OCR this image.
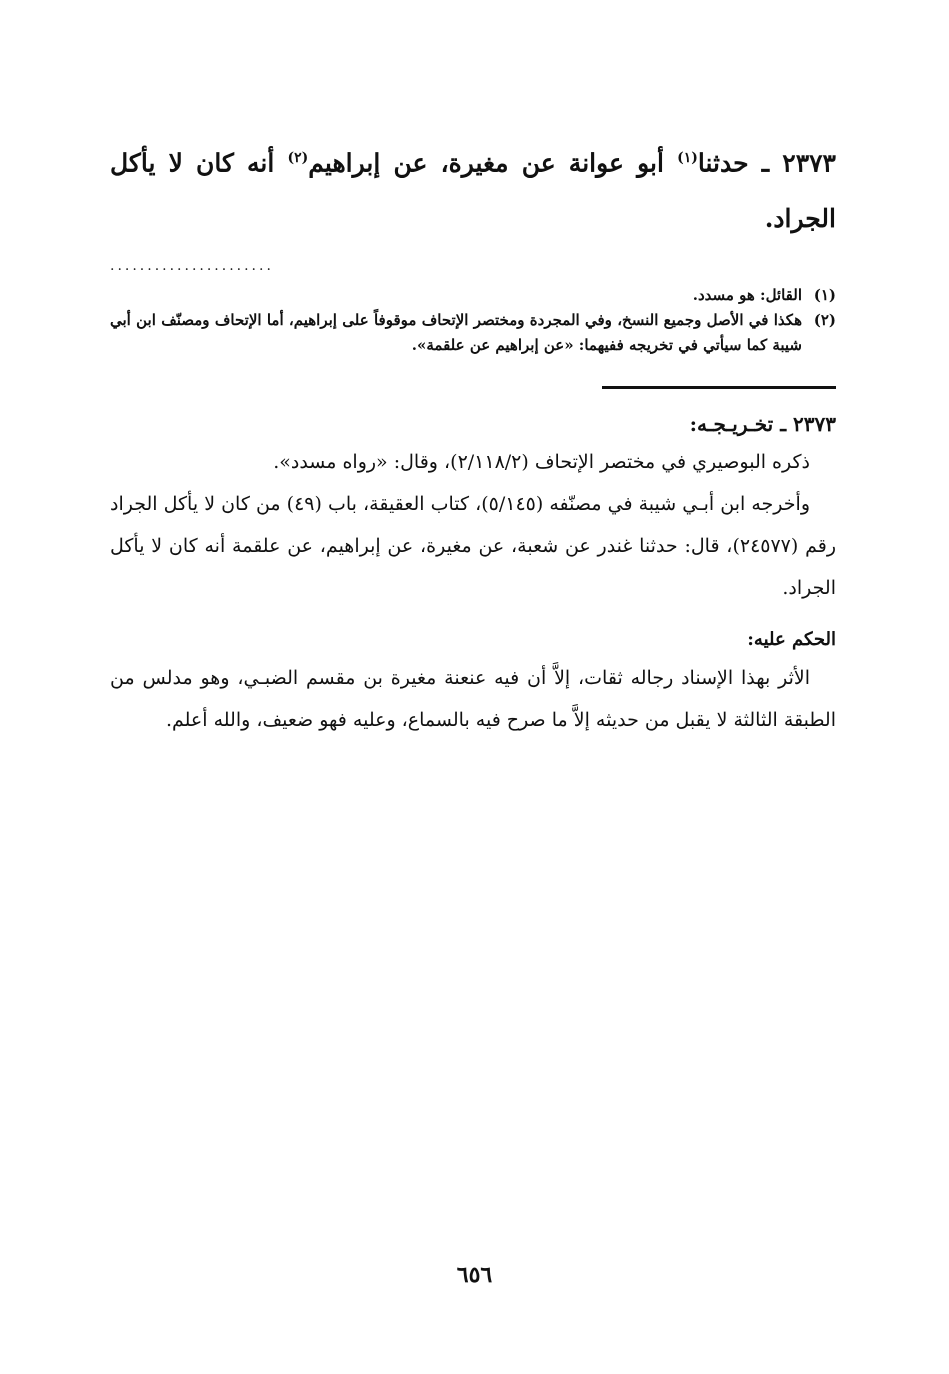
٢٣٧٣ ـ حدثنا$^{(١)}$ أبو عوانة عن مغيرة، عن إبراهيم$^{(٢)}$ أنه كان لا يأكل الجراد.
......................
(١)
القائل: هو مسدد.
(٢)
هكذا في الأصل وجميع النسخ، وفي المجردة ومختصر الإتحاف موقوفاً على إبراهيم، أما الإتحاف ومصنّف ابن أبي شيبة كما سيأتي في تخريجه ففيهما: «عن إبراهيم عن علقمة».
٢٣٧٣ ـ تخـريـجـه:
ذكره البوصيري في مختصر الإتحاف (٢/١١٨/٢)، وقال: «رواه مسدد».
وأخرجه ابن أبـي شيبة في مصنّفه (٥/١٤٥)، كتاب العقيقة، باب (٤٩) من كان لا يأكل الجراد رقم (٢٤٥٧٧)، قال: حدثنا غندر عن شعبة، عن مغيرة، عن إبراهيم، عن علقمة أنه كان لا يأكل الجراد.
الحكم عليه:
الأثر بهذا الإسناد رجاله ثقات، إلاَّ أن فيه عنعنة مغيرة بن مقسم الضبـي، وهو مدلس من الطبقة الثالثة لا يقبل من حديثه إلاَّ ما صرح فيه بالسماع، وعليه فهو ضعيف، والله أعلم.
٦٥٦
